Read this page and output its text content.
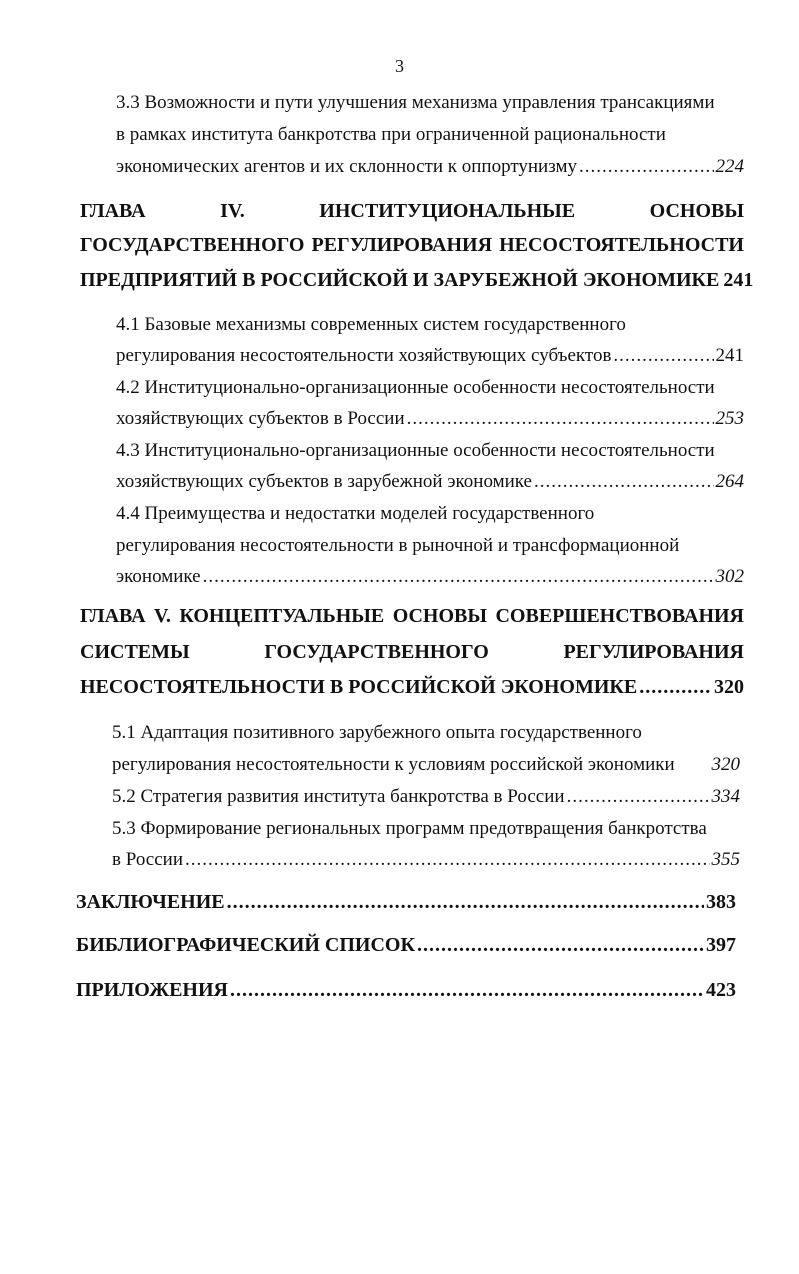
3
3.3 Возможности и пути улучшения механизма управления трансакциями
в рамках института банкротства при ограниченной рациональности
экономических агентов и их склонности к оппортунизму .....	224
ГЛАВА	IV.	ИНСТИТУЦИОНАЛЬНЫЕ	ОСНОВЫ
ГОСУДАРСТВЕННОГО РЕГУЛИРОВАНИЯ НЕСОСТОЯТЕЛЬНОСТИ
ПРЕДПРИЯТИЙ В РОССИЙСКОЙ И ЗАРУБЕЖНОЙ ЭКОНОМИКЕ 241
4.1 Базовые механизмы современных систем государственного
регулирования несостоятельности хозяйствующих субъектов .....	241
4.2 Институционально-организационные особенности несостоятельности
хозяйствующих субъектов в России .....	253
4.3 Институционально-организационные особенности несостоятельности
хозяйствующих субъектов в зарубежной экономике .....	264
4.4 Преимущества и недостатки моделей государственного
регулирования несостоятельности в рыночной и трансформационной
экономике .....	302
ГЛАВА V. КОНЦЕПТУАЛЬНЫЕ ОСНОВЫ СОВЕРШЕНСТВОВАНИЯ
СИСТЕМЫ	ГОСУДАРСТВЕННОГО	РЕГУЛИРОВАНИЯ
НЕСОСТОЯТЕЛЬНОСТИ В РОССИЙСКОЙ ЭКОНОМИКЕ .....	320
5.1 Адаптация позитивного зарубежного опыта государственного
регулирования несостоятельности к условиям российской экономики 320
5.2 Стратегия развития института банкротства в России .....	334
5.3 Формирование региональных программ предотвращения банкротства
в России .....	355
ЗАКЛЮЧЕНИЕ .....	383
БИБЛИОГРАФИЧЕСКИЙ СПИСОК .....	397
ПРИЛОЖЕНИЯ .....	423
